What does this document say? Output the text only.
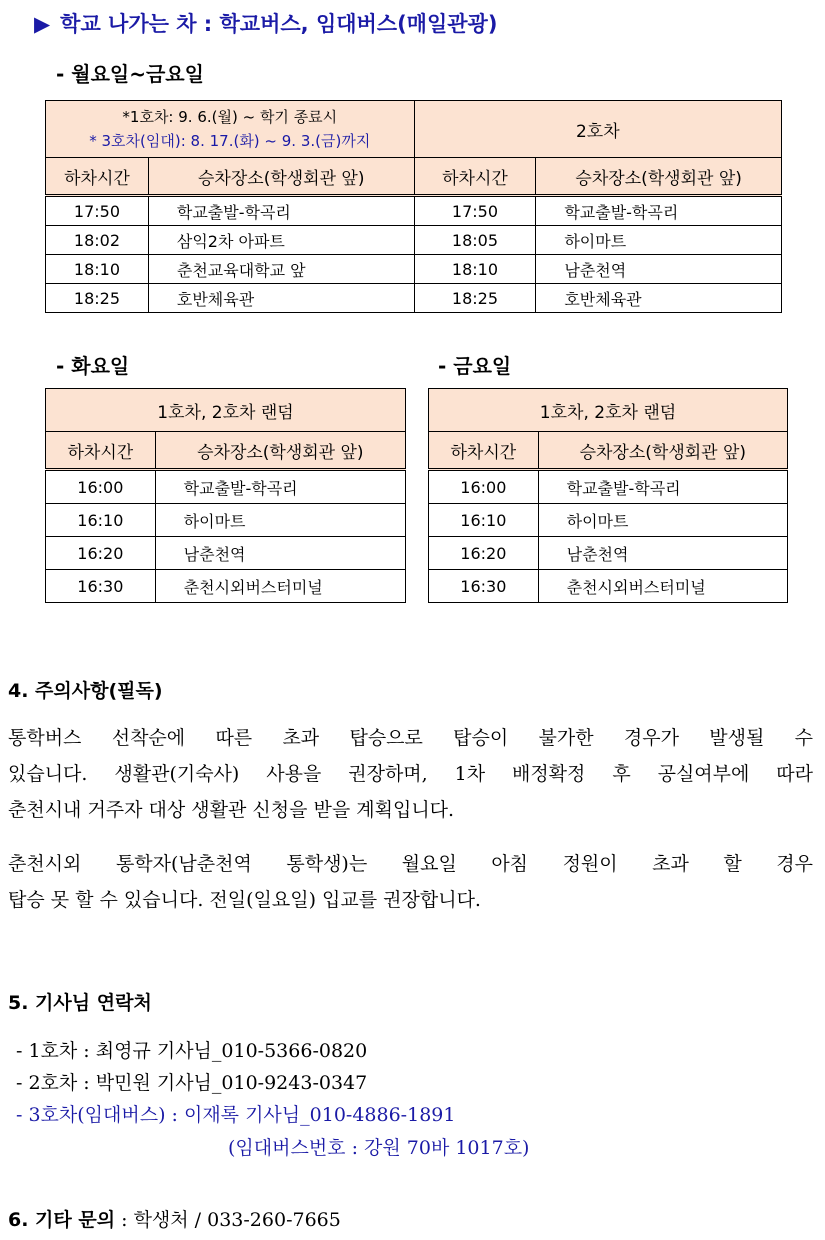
▶ 학교 나가는 차 : 학교버스, 임대버스(매일관광)
- 월요일~금요일
*1호차: 9. 6.(월) ~ 학기 종료시
* 3호차(임대): 8. 17.(화) ~ 9. 3.(금)까지		2호차	
하차시간	승차장소(학생회관 앞)	하차시간	승차장소(학생회관 앞)
17:50	학교출발-학곡리	17:50	학교출발-학곡리
18:02	삼익2차 아파트	18:05	하이마트
18:10	춘천교육대학교 앞	18:10	남춘천역
18:25	호반체육관	18:25	호반체육관
- 화요일
1호차, 2호차 랜덤	
하차시간	승차장소(학생회관 앞)
16:00	학교출발-학곡리
16:10	하이마트
16:20	남춘천역
16:30	춘천시외버스터미널
- 금요일
1호차, 2호차 랜덤	
하차시간	승차장소(학생회관 앞)
16:00	학교출발-학곡리
16:10	하이마트
16:20	남춘천역
16:30	춘천시외버스터미널
4. 주의사항(필독)
통학버스 선착순에 따른 초과 탑승으로 탑승이 불가한 경우가 발생될 수
있습니다. 생활관(기숙사) 사용을 권장하며, 1차 배정확정 후 공실여부에 따라
춘천시내 거주자 대상 생활관 신청을 받을 계획입니다.
춘천시외 통학자(남춘천역 통학생)는 월요일 아침 정원이 초과 할 경우
탑승 못 할 수 있습니다. 전일(일요일) 입교를 권장합니다.
5. 기사님 연락처
- 1호차 : 최영규 기사님_010-5366-0820
- 2호차 : 박민원 기사님_010-9243-0347
- 3호차(임대버스) : 이재록 기사님_010-4886-1891
(임대버스번호 : 강원 70바 1017호)
6. 기타 문의 : 학생처 / 033-260-7665
